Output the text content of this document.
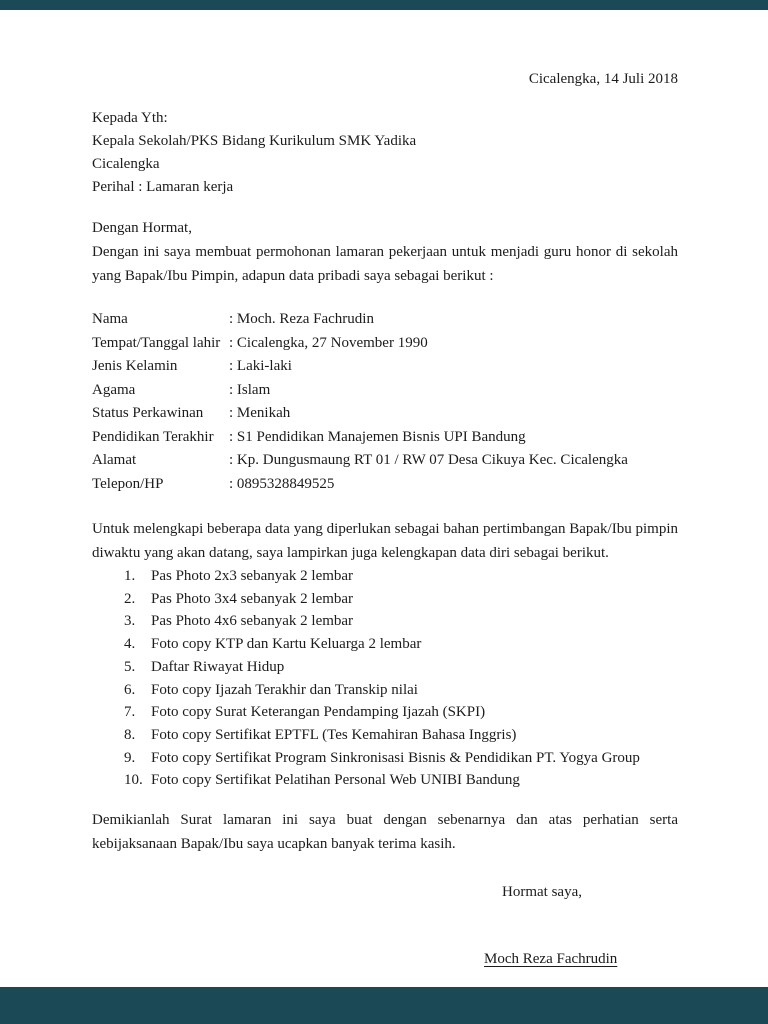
Cicalengka, 14 Juli 2018
Kepada Yth:
Kepala Sekolah/PKS Bidang Kurikulum SMK Yadika
Cicalengka
Perihal : Lamaran kerja
Dengan Hormat,
Dengan ini saya membuat permohonan lamaran pekerjaan untuk menjadi guru honor di sekolah yang Bapak/Ibu Pimpin, adapun data pribadi saya sebagai berikut :
Nama	: Moch. Reza Fachrudin
Tempat/Tanggal lahir : Cicalengka, 27 November 1990
Jenis Kelamin	: Laki-laki
Agama	: Islam
Status Perkawinan	: Menikah
Pendidikan Terakhir	: S1 Pendidikan Manajemen Bisnis UPI Bandung
Alamat	: Kp. Dungusmaung RT 01 / RW 07 Desa Cikuya Kec. Cicalengka
Telepon/HP	: 0895328849525
Untuk melengkapi beberapa data yang diperlukan sebagai bahan pertimbangan Bapak/Ibu pimpin diwaktu yang akan datang, saya lampirkan juga kelengkapan data diri sebagai berikut.
1.	Pas Photo 2x3 sebanyak 2 lembar
2.	Pas Photo 3x4 sebanyak 2 lembar
3.	Pas Photo 4x6 sebanyak 2 lembar
4.	Foto copy KTP dan Kartu Keluarga 2 lembar
5.	Daftar Riwayat Hidup
6.	Foto copy Ijazah Terakhir dan Transkip nilai
7.	Foto copy Surat Keterangan Pendamping Ijazah (SKPI)
8.	Foto copy Sertifikat EPTFL (Tes Kemahiran Bahasa Inggris)
9.	Foto copy Sertifikat Program Sinkronisasi Bisnis & Pendidikan PT. Yogya Group
10. Foto copy Sertifikat Pelatihan Personal Web UNIBI Bandung
Demikianlah Surat lamaran ini saya buat dengan sebenarnya dan atas perhatian serta kebijaksanaan Bapak/Ibu saya ucapkan banyak terima kasih.
Hormat saya,
Moch Reza Fachrudin
